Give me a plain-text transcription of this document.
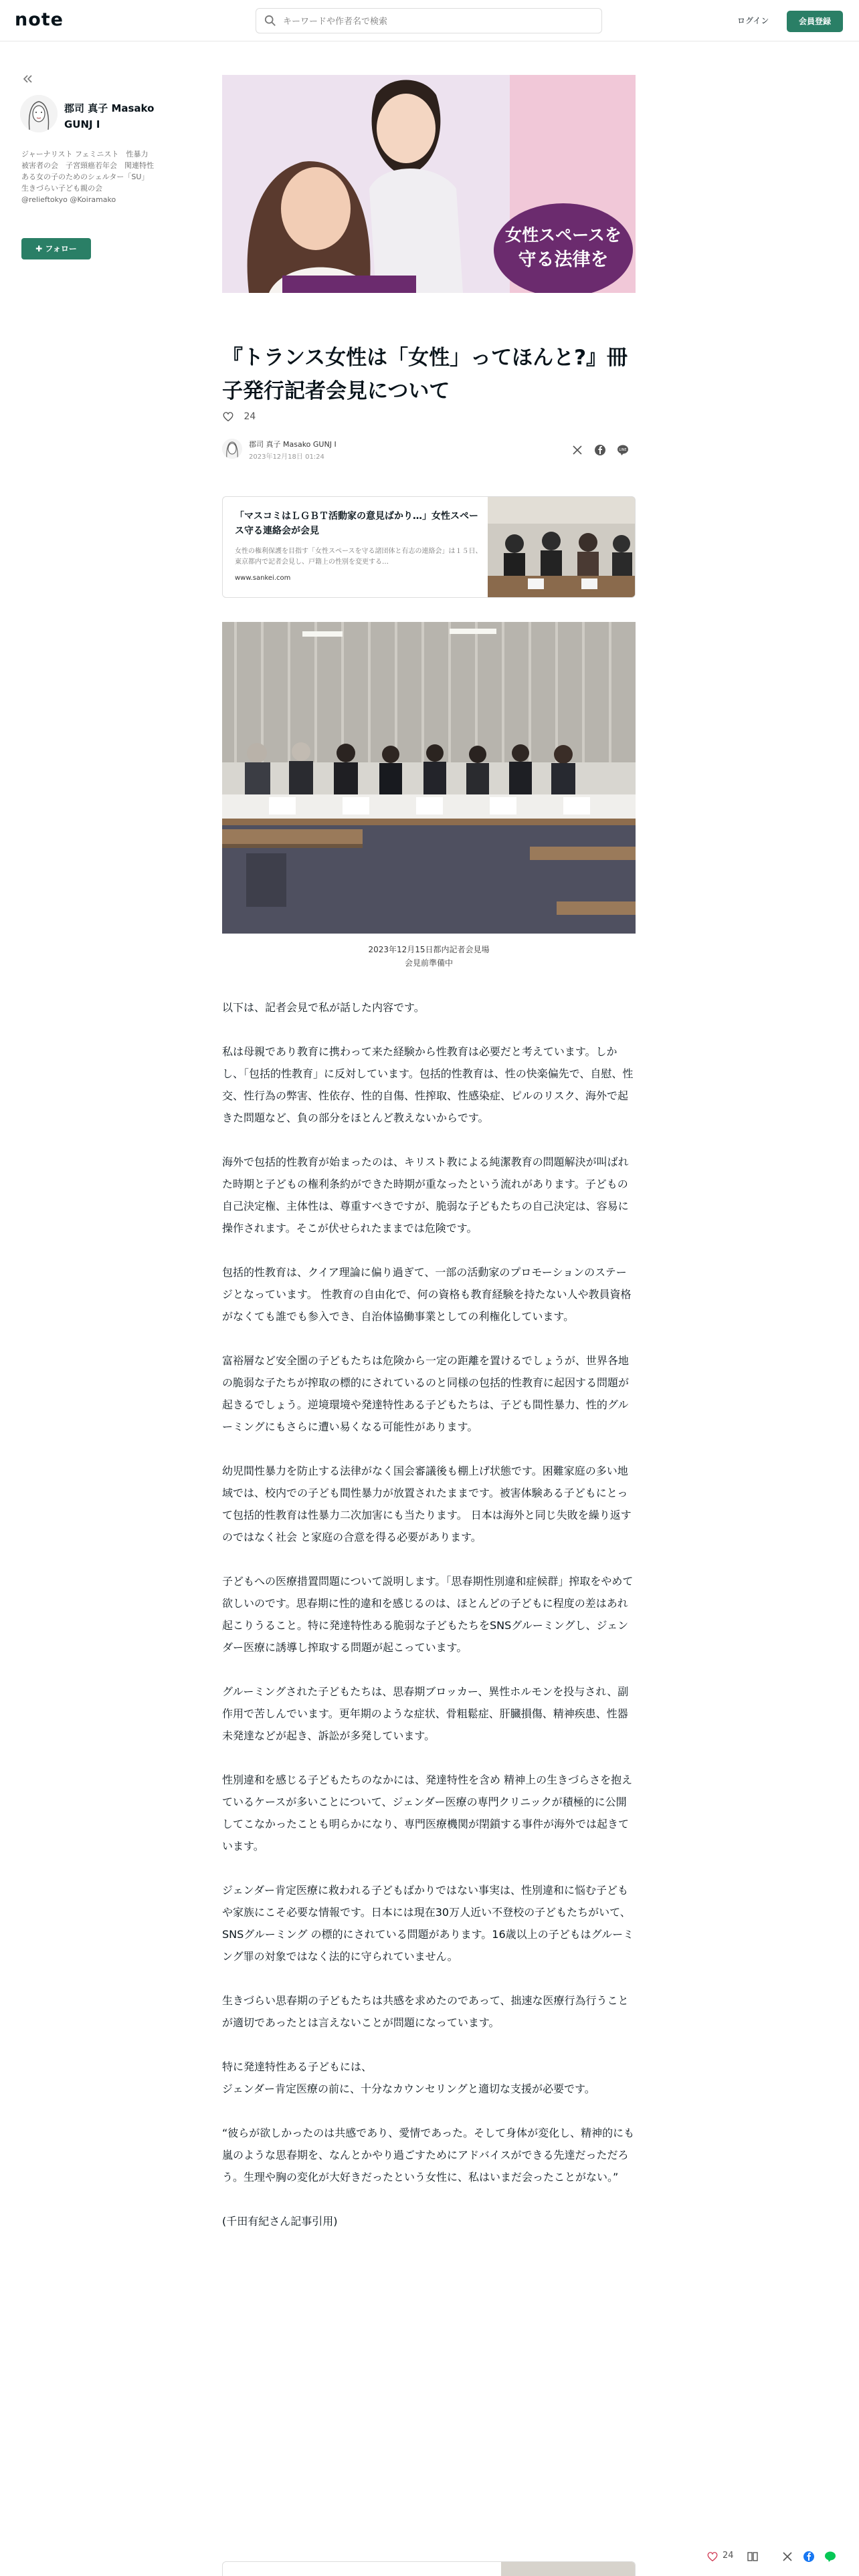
note
キーワードや作者名で検索	ログイン	会員登録
郡司 真子 Masako GUNJ I
ジャーナリスト フェミニスト　性暴力被害者の会　子宮頸癌若年会　関連特性ある女の子のためのシェルター「SU」　生きづらい子ども親の会　@relieftokyo @Koiramako
✚ フォロー
女性スペースを
守る法律を
『トランス女性は「女性」ってほんと?』冊子発行記者会見について
24
郡司 真子 Masako GUNJ I
2023年12月18日 01:24
LINE
「マスコミはＬＧＢＴ活動家の意見ばかり…」女性スペース守る連絡会が会見
女性の権利保護を目指す「女性スペースを守る諸団体と有志の連絡会」は１５日、東京都内で記者会見し、戸籍上の性別を変更する…
www.sankei.com
2023年12月15日都内記者会見場
会見前準備中

以下は、記者会見で私が話した内容です。

私は母親であり教育に携わって来た経験から性教育は必要だと考えています。しかし、「包括的性教育」に反対しています。包括的性教育は、性の快楽偏先で、自慰、性交、性行為の弊害、性依存、性的自傷、性搾取、性感染症、ピルのリスク、海外で起きた問題など、負の部分をほとんど教えないからです。

海外で包括的性教育が始まったのは、キリスト教による純潔教育の問題解決が叫ばれた時期と子どもの権利条約ができた時期が重なったという流れがあります。子どもの自己決定権、主体性は、尊重すべきですが、脆弱な子どもたちの自己決定は、容易に操作されます。そこが伏せられたままでは危険です。

包括的性教育は、クイア理論に偏り過ぎて、一部の活動家のプロモーションのステージとなっています。 性教育の自由化で、何の資格も教育経験を持たない人や教員資格がなくても誰でも参入でき、自治体協働事業としての利権化しています。

富裕層など安全圏の子どもたちは危険から一定の距離を置けるでしょうが、世界各地の脆弱な子たちが搾取の標的にされているのと同様の包括的性教育に起因する問題が起きるでしょう。逆境環境や発達特性ある子どもたちは、子ども間性暴力、性的グルーミングにもさらに遭い易くなる可能性があります。

幼児間性暴力を防止する法律がなく国会審議後も棚上げ状態です。困難家庭の多い地域では、校内での子ども間性暴力が放置されたままです。被害体験ある子どもにとって包括的性教育は性暴力二次加害にも当たります。 日本は海外と同じ失敗を繰り返すのではなく社会 と家庭の合意を得る必要があります。

子どもへの医療措置問題について説明します。「思春期性別違和症候群」搾取をやめて欲しいのです。思春期に性的違和を感じるのは、ほとんどの子どもに程度の差はあれ起こりうること。特に発達特性ある脆弱な子どもたちをSNSグルーミングし、ジェンダー医療に誘導し搾取する問題が起こっています。

グルーミングされた子どもたちは、思春期ブロッカー、異性ホルモンを投与され、副作用で苦しんでいます。更年期のような症状、骨粗鬆症、肝臓損傷、精神疾患、性器未発達などが起き、訴訟が多発しています。

性別違和を感じる子どもたちのなかには、発達特性を含め 精神上の生きづらさを抱えているケースが多いことについて、ジェンダー医療の専門クリニックが積極的に公開してこなかったことも明らかになり、専門医療機関が閉鎖する事件が海外では起きています。

ジェンダー肯定医療に救われる子どもばかりではない事実は、性別違和に悩む子どもや家族にこそ必要な情報です。日本には現在30万人近い不登校の子どもたちがいて、SNSグルーミング の標的にされている問題があります。16歳以上の子どもはグルーミング罪の対象ではなく法的に守られていません。

生きづらい思春期の子どもたちは共感を求めたのであって、拙速な医療行為行うことが適切であったとは言えないことが問題になっています。

特に発達特性ある子どもには、
ジェンダー肯定医療の前に、十分なカウンセリングと適切な支援が必要です。

“彼らが欲しかったのは共感であり、愛情であった。そして身体が変化し、精神的にも嵐のような思春期を、なんとかやり過ごすためにアドバイスができる先達だっただろう。生理や胸の変化が大好きだったという女性に、私はいまだ会ったことがない。”

(千田有紀さん記事引用)

24
